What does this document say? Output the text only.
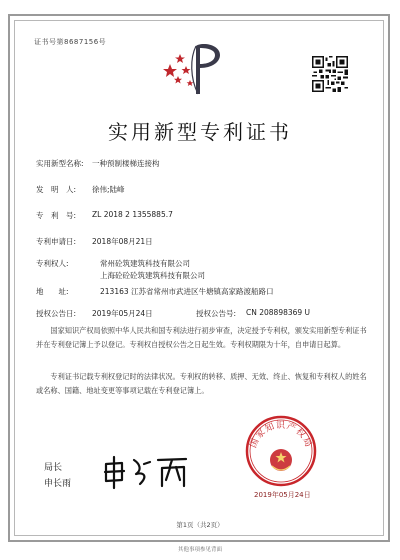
证书号第8687156号
实用新型专利证书
实用新型名称: 一种预制楼梯连接构
发　明　人: 徐伟;陆峰
专　利　号: ZL 2018 2 1355885.7
专利申请日: 2018年08月21日
专利权人:	常州砼筑建筑科技有限公司
上海砼砼砼筑建筑科技有限公司
地　　址:	213163 江苏省常州市武进区牛塘镇高家路渡船路口
授权公告日: 2019年05月24日	授权公告号: CN 208898369 U
国家知识产权局依照中华人民共和国专利法进行初步审查，决定授予专利权，颁发实用新型专利证书并在专利登记簿上予以登记。专利权自授权公告之日起生效。专利权期限为十年，自申请日起算。
专利证书记载专利权登记时的法律状况。专利权的转移、质押、无效、终止、恢复和专利权人的姓名或名称、国籍、地址变更等事项记载在专利登记簿上。
局长
申长雨
国家知识产权局
2019年05月24日
第1页（共2页）
其他事项参见背面
